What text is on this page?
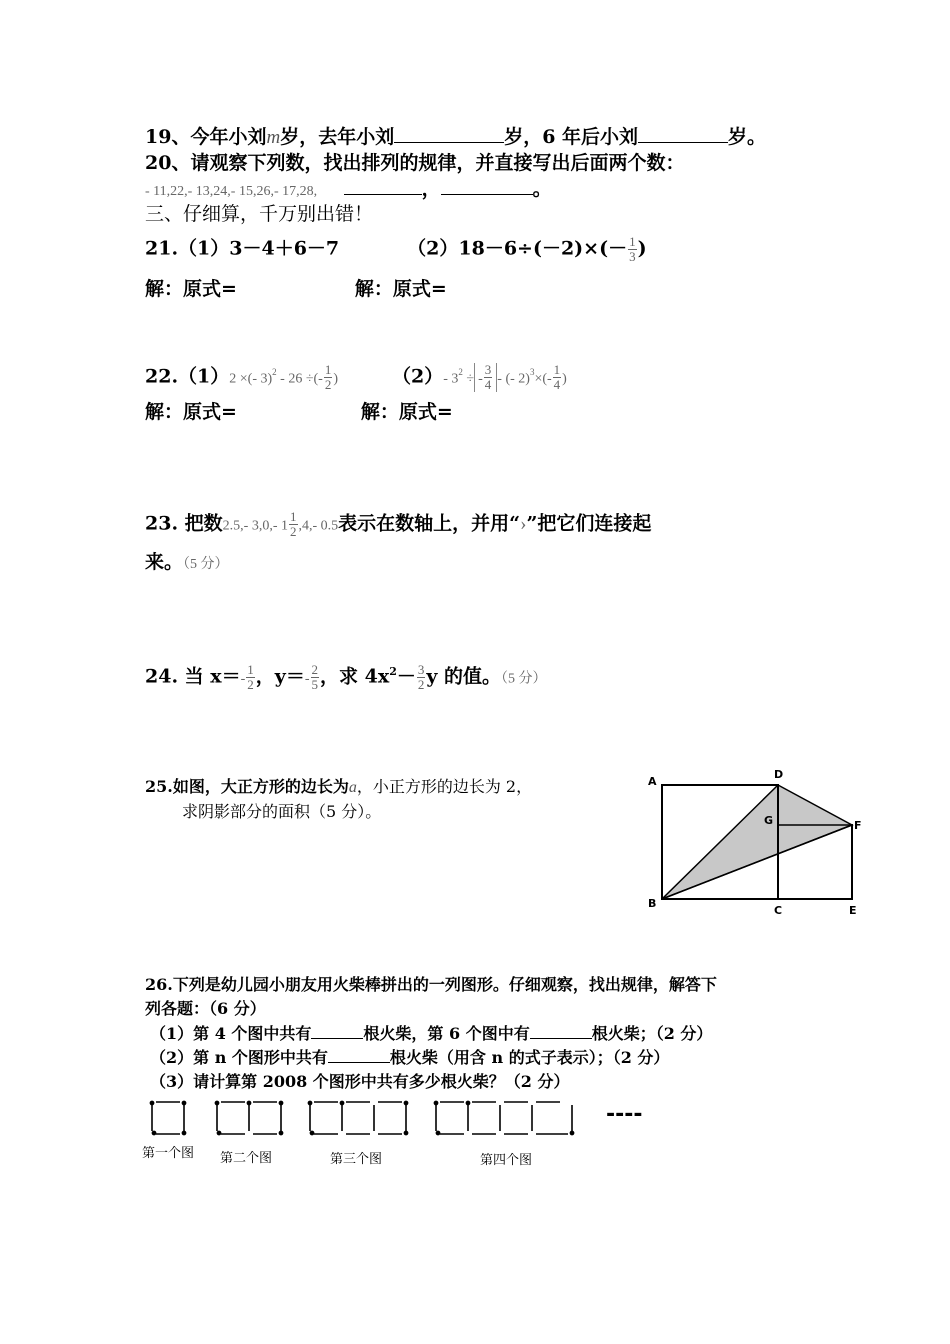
19、今年小刘m岁，去年小刘	岁，6 年后小刘	岁。
20、请观察下列数，找出排列的规律，并直接写出后面两个数：
- 11,22,- 13,24,- 15,26,- 17,28,	，	。
三、仔细算，千万别出错！
21.（1）3－4＋6－7	$(2)18-6\div(-2)\times(- \frac{1}{3}$ )
解：原式=	解：原式=
22.（1）2 ×(- 3)$^2$ - 26 ÷(- $\frac{1}{2}$ )	（2）- $3^2$ ÷ - $\frac{3}{4}$ - (- $2)^3\times(- \frac{1}{4}$ )
解：原式=	解：原式=
23. 把数2.5,- 3,0,- $1 \frac{1}{2} ,4,-$ 0.5表示在数轴上，并用“›”把它们连接起
来。（5 分）
24. 当 $x=- \frac{1}{2}$ ，$y=- \frac{2}{5}$ ，求 $4x^2- \frac{3}{2}$ y 的值。（5 分）
25.如图，大正方形的边长为a，小正方形的边长为 2，
求阴影部分的面积（5 分）。
A
D
G	F
B
C	E
26.下列是幼儿园小朋友用火柴棒拼出的一列图形。仔细观察，找出规律，解答下
列各题：（6 分）
（1）第 4 个图中共有	根火柴，第 6 个图中有	根火柴；（2 分）
（2）第 n 个图形中共有	根火柴（用含 n 的式子表示）；（2 分）
（3）请计算第 2008 个图形中共有多少根火柴？（2 分）
----
第一个图 第二个图	第三个图	第四个图
